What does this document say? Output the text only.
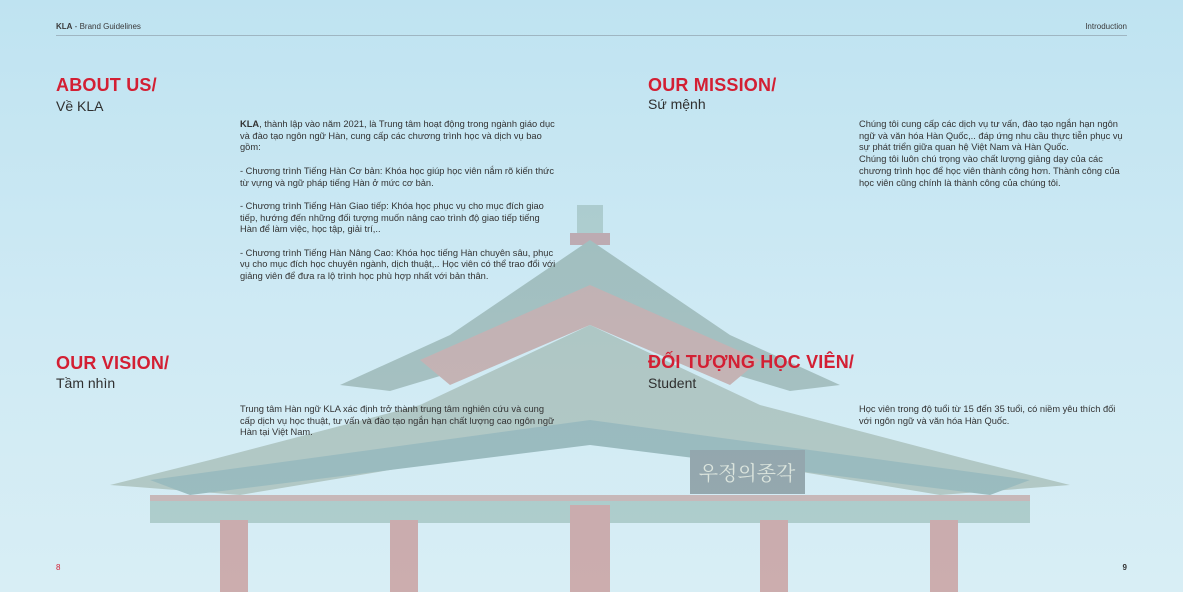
우정의종각
KLA - Brand Guidelines	Introduction
ABOUT US/
Về KLA
KLA, thành lập vào năm 2021, là Trung tâm hoạt động trong ngành giáo dục và đào tạo ngôn ngữ Hàn, cung cấp các chương trình học và dịch vụ bao gồm:

- Chương trình Tiếng Hàn Cơ bản: Khóa học giúp học viên nắm rõ kiến thức từ vựng và ngữ pháp tiếng Hàn ở mức cơ bản.

- Chương trình Tiếng Hàn Giao tiếp: Khóa học phục vụ cho mục đích giao tiếp, hướng đến những đối tượng muốn nâng cao trình độ giao tiếp tiếng Hàn để làm việc, học tập, giải trí,..

- Chương trình Tiếng Hàn Nâng Cao: Khóa học tiếng Hàn chuyên sâu, phục vụ cho mục đích học chuyên ngành, dịch thuật,.. Học viên có thể trao đổi với giảng viên để đưa ra lộ trình học phù hợp nhất với bản thân.
OUR MISSION/
Sứ mệnh
Chúng tôi cung cấp các dịch vụ tư vấn, đào tạo ngắn hạn ngôn ngữ và văn hóa Hàn Quốc,.. đáp ứng nhu cầu thực tiễn phục vụ sự phát triển giữa quan hệ Việt Nam và Hàn Quốc.
Chúng tôi luôn chú trọng vào chất lượng giảng dạy của các chương trình học để học viên thành công hơn. Thành công của học viên cũng chính là thành công của chúng tôi.
OUR VISION/
Tầm nhìn
Trung tâm Hàn ngữ KLA xác định trở thành trung tâm nghiên cứu và cung cấp dịch vụ học thuật, tư vấn và đào tạo ngắn hạn chất lượng cao ngôn ngữ Hàn tại Việt Nam.
ĐỐI TƯỢNG HỌC VIÊN/
Student
Học viên trong độ tuổi từ 15 đến 35 tuổi, có niềm yêu thích đối với ngôn ngữ và văn hóa Hàn Quốc.
8	9
